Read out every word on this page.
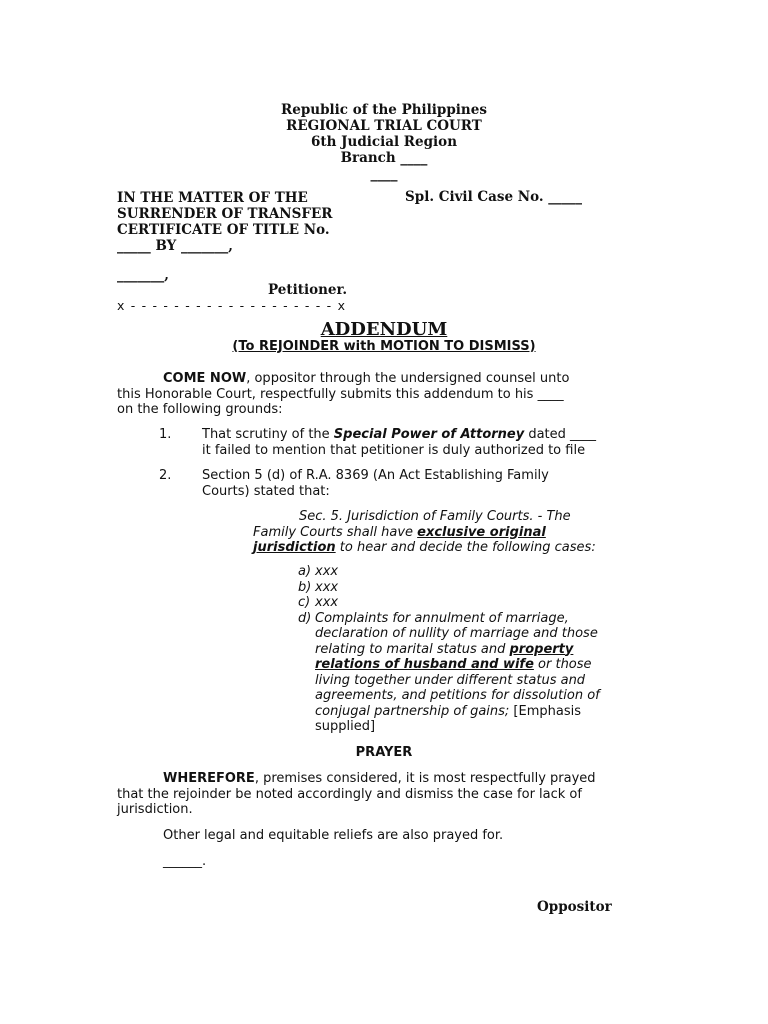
Republic of the Philippines
REGIONAL TRIAL COURT
6th Judicial Region
Branch ____
____
IN THE MATTER OF THE
SURRENDER OF TRANSFER
CERTIFICATE OF TITLE No.
_____ BY _______,
Spl. Civil Case No. _____
_______,
Petitioner.
x - - - - - - - - - - - - - - - - - - - x
ADDENDUM
(To REJOINDER with MOTION TO DISMISS)
COME NOW, oppositor through the undersigned counsel unto
this Honorable Court, respectfully submits this addendum to his ____
on the following grounds:
1. That scrutiny of the Special Power of Attorney dated ____
it failed to mention that petitioner is duly authorized to file
2. Section 5 (d) of R.A. 8369 (An Act Establishing Family
Courts) stated that:
Sec. 5. Jurisdiction of Family Courts. - The
Family Courts shall have exclusive original
jurisdiction to hear and decide the following cases:
a) xxx
b) xxx
c) xxx
d) Complaints for annulment of marriage,
declaration of nullity of marriage and those
relating to marital status and property
relations of husband and wife or those
living together under different status and
agreements, and petitions for dissolution of
conjugal partnership of gains; [Emphasis
supplied]
PRAYER
WHEREFORE, premises considered, it is most respectfully prayed
that the rejoinder be noted accordingly and dismiss the case for lack of
jurisdiction.
Other legal and equitable reliefs are also prayed for.
______.
Oppositor
